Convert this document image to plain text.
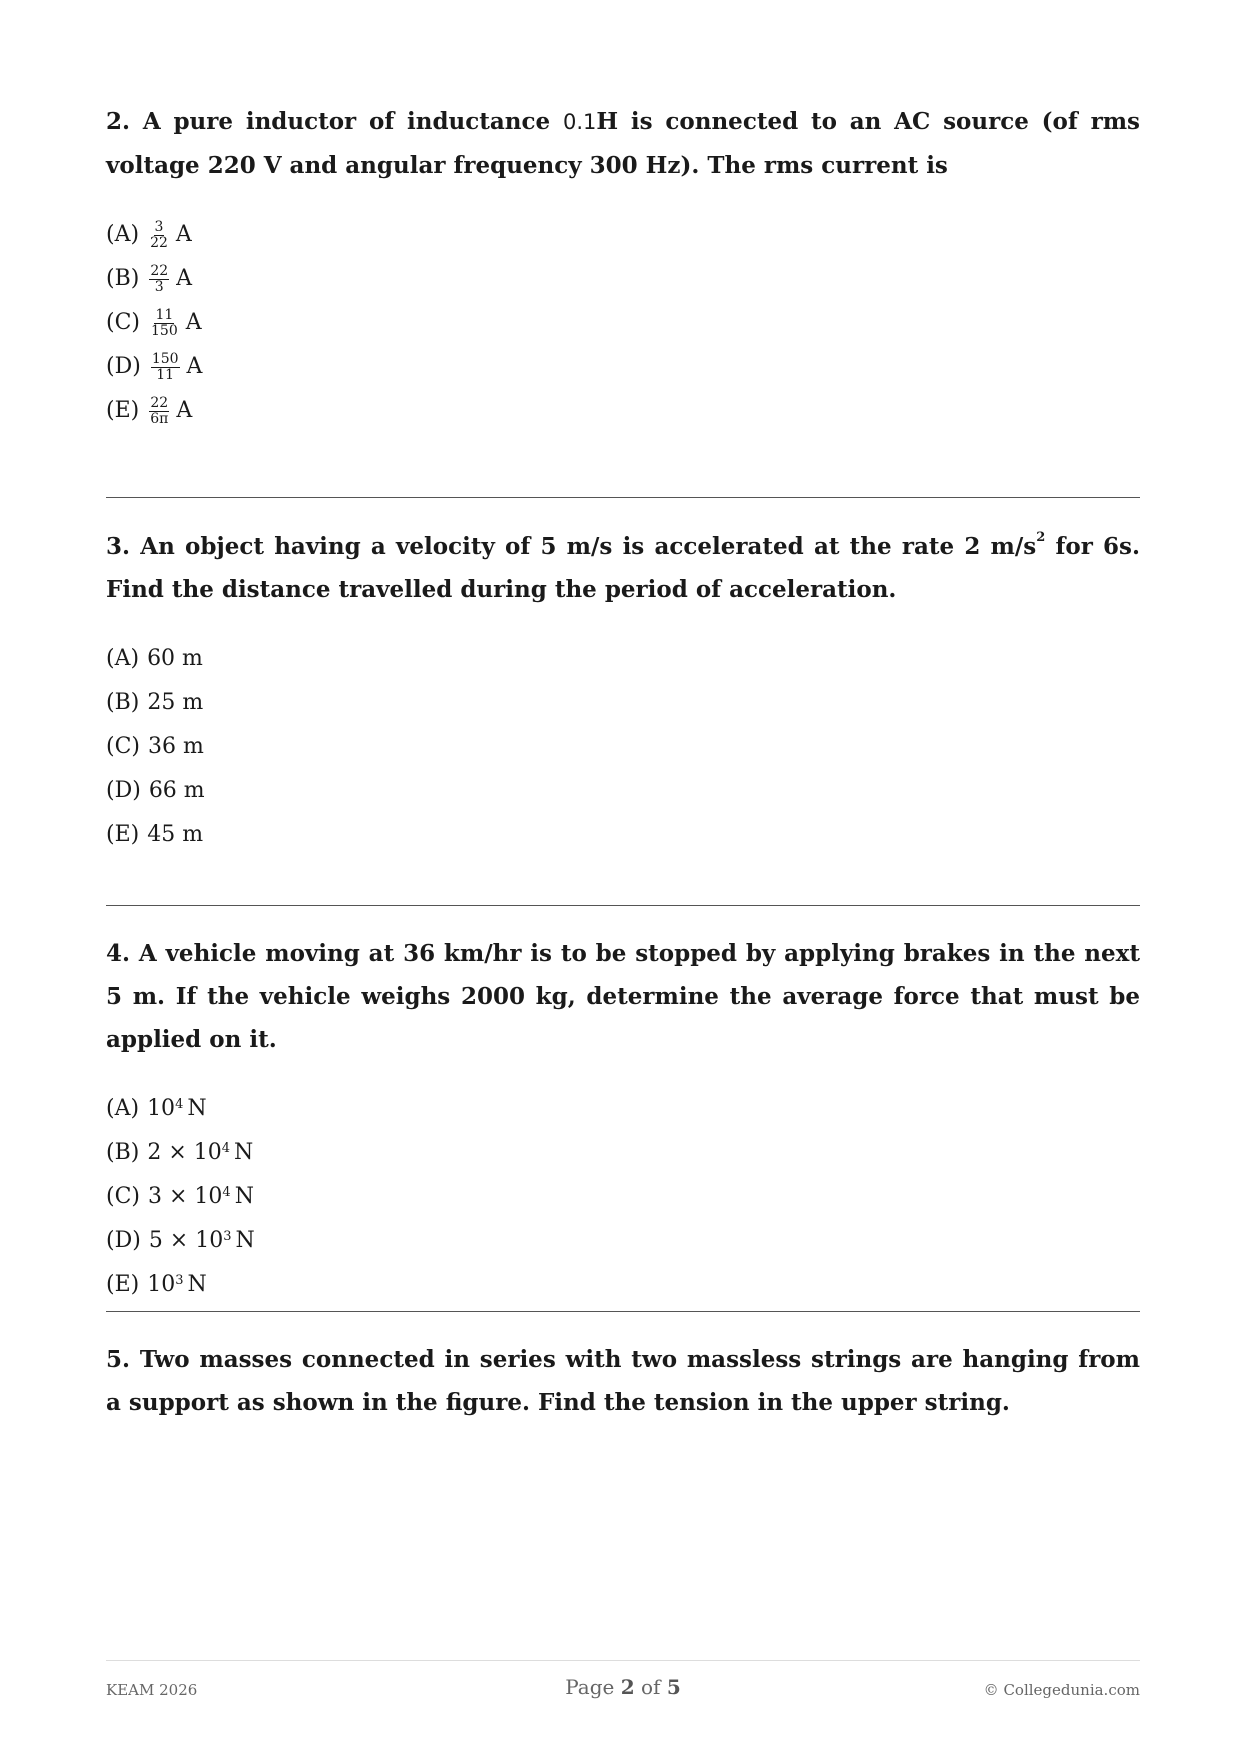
2. A pure inductor of inductance 0.1H is connected to an AC source (of rms voltage 220 V and angular frequency 300 Hz). The rms current is

$(A) \frac{3}{22}$ A
$(B) \frac{22}{3}$ A
$(C) \frac{11}{150}$ A
$(D) \frac{150}{11}$ A
$(E) \frac{22}{6\pi}$ A

3. An object having a velocity of 5 m/s is accelerated at the rate 2 $m/s^2$ for 6s. Find the distance travelled during the period of acceleration.

(A) 60 m
(B) 25 m
(C) 36 m
(D) 66 m
(E) 45 m

4. A vehicle moving at 36 km/hr is to be stopped by applying brakes in the next 5 m. If the vehicle weighs 2000 kg, determine the average force that must be applied on it.

(A) $10^4$ N
(B) $2 \times 10^4$ N
(C) $3 \times 10^4$ N
(D) $5 \times 10^3$ N
(E) $10^3$ N

5. Two masses connected in series with two massless strings are hanging from a support as shown in the figure. Find the tension in the upper string.

KEAM 2026	Page 2 of 5	© Collegedunia.com
